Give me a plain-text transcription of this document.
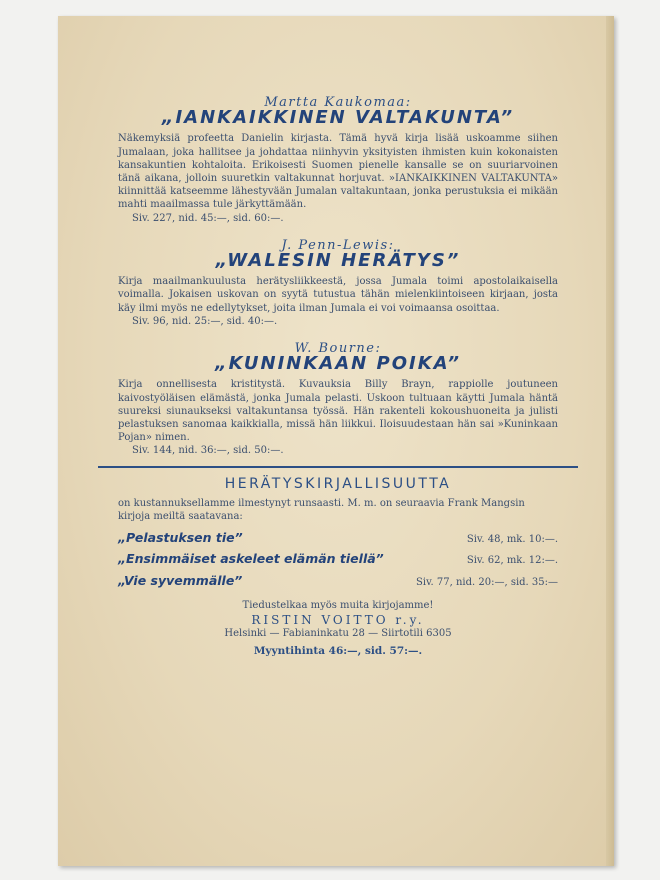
Martta Kaukomaa:

„IANKAIKKINEN VALTAKUNTA”

Näkemyksiä profeetta Danielin kirjasta. Tämä hyvä kirja lisää uskoamme siihen Jumalaan, joka hallitsee ja johdattaa niinhyvin yksityisten ihmisten kuin kokonaisten kansakuntien kohtaloita. Erikoisesti Suomen pienelle kansalle se on suuriarvoinen tänä aikana, jolloin suuretkin valtakunnat horjuvat. »IANKAIKKINEN VALTAKUNTA» kiinnittää katseemme lähestyvään Jumalan valtakuntaan, jonka perustuksia ei mikään mahti maailmassa tule järkyttämään.

Siv. 227, nid. 45:—, sid. 60:—.

J. Penn-Lewis:

„WALESIN HERÄTYS”

Kirja maailmankuulusta herätysliikkeestä, jossa Jumala toimi apostolaikaisella voimalla. Jokaisen uskovan on syytä tutustua tähän mielenkiintoiseen kirjaan, josta käy ilmi myös ne edellytykset, joita ilman Jumala ei voi voimaansa osoittaa.

Siv. 96, nid. 25:—, sid. 40:—.

W. Bourne:

„KUNINKAAN POIKA”

Kirja onnellisesta kristitystä. Kuvauksia Billy Brayn, rappiolle joutuneen kaivostyöläisen elämästä, jonka Jumala pelasti. Uskoon tultuaan käytti Jumala häntä suureksi siunaukseksi valtakuntansa työssä. Hän rakenteli kokoushuoneita ja julisti pelastuksen sanomaa kaikkialla, missä hän liikkui. Iloisuudestaan hän sai »Kuninkaan Pojan» nimen.

Siv. 144, nid. 36:—, sid. 50:—.

HERÄTYSKIRJALLISUUTTA

on kustannuksellamme ilmestynyt runsaasti. M. m. on seuraavia Frank Mangsin kirjoja meiltä saatavana:

„Pelastuksen tie”	Siv. 48, mk. 10:—.
„Ensimmäiset askeleet elämän tiellä”	Siv. 62, mk. 12:—.
„Vie syvemmälle”	Siv. 77, nid. 20:—, sid. 35:—

Tiedustelkaa myös muita kirjojamme!

RISTIN VOITTO r.y.

Helsinki — Fabianinkatu 28 — Siirtotili 6305

Myyntihinta 46:—, sid. 57:—.
